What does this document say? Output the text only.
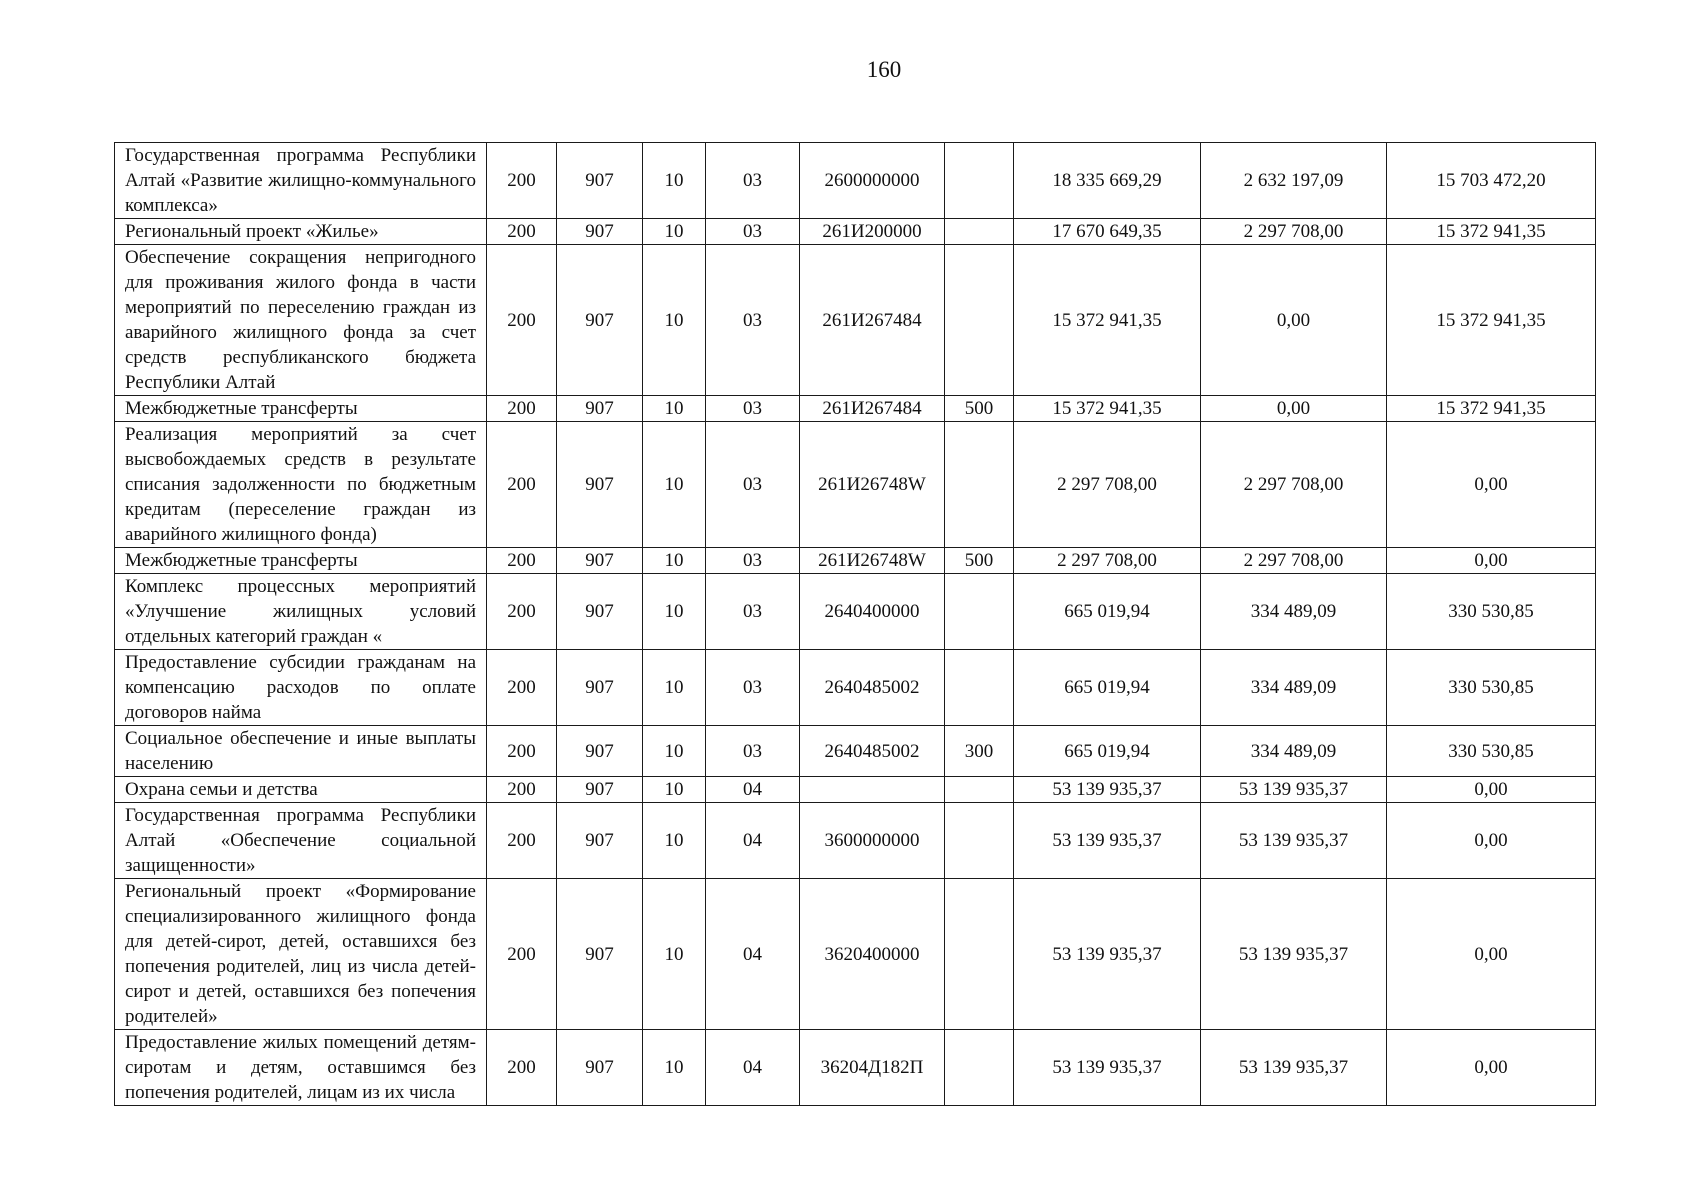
160
Государственная программа Республики Алтай «Развитие жилищно-коммунального комплекса»	200	907	10	03	2600000000		18 335 669,29	2 632 197,09	15 703 472,20
Региональный проект «Жилье»	200	907	10	03	261И200000		17 670 649,35	2 297 708,00	15 372 941,35
Обеспечение сокращения непригодного для проживания жилого фонда в части мероприятий по переселению граждан из аварийного жилищного фонда за счет средств республиканского бюджета Республики Алтай	200	907	10	03	261И267484		15 372 941,35	0,00	15 372 941,35
Межбюджетные трансферты	200	907	10	03	261И267484	500	15 372 941,35	0,00	15 372 941,35
Реализация мероприятий за счет высвобождаемых средств в результате списания задолженности по бюджетным кредитам (переселение граждан из аварийного жилищного фонда)	200	907	10	03	261И26748W		2 297 708,00	2 297 708,00	0,00
Межбюджетные трансферты	200	907	10	03	261И26748W	500	2 297 708,00	2 297 708,00	0,00
Комплекс процессных мероприятий «Улучшение жилищных условий отдельных категорий граждан «	200	907	10	03	2640400000		665 019,94	334 489,09	330 530,85
Предоставление субсидии гражданам на компенсацию расходов по оплате договоров найма	200	907	10	03	2640485002		665 019,94	334 489,09	330 530,85
Социальное обеспечение и иные выплаты населению	200	907	10	03	2640485002	300	665 019,94	334 489,09	330 530,85
Охрана семьи и детства	200	907	10	04			53 139 935,37	53 139 935,37	0,00
Государственная программа Республики Алтай «Обеспечение социальной защищенности»	200	907	10	04	3600000000		53 139 935,37	53 139 935,37	0,00
Региональный проект «Формирование специализированного жилищного фонда для детей-сирот, детей, оставшихся без попечения родителей, лиц из числа детей-сирот и детей, оставшихся без попечения родителей»	200	907	10	04	3620400000		53 139 935,37	53 139 935,37	0,00
Предоставление жилых помещений детям-сиротам и детям, оставшимся без попечения родителей, лицам из их числа	200	907	10	04	36204Д182П		53 139 935,37	53 139 935,37	0,00
